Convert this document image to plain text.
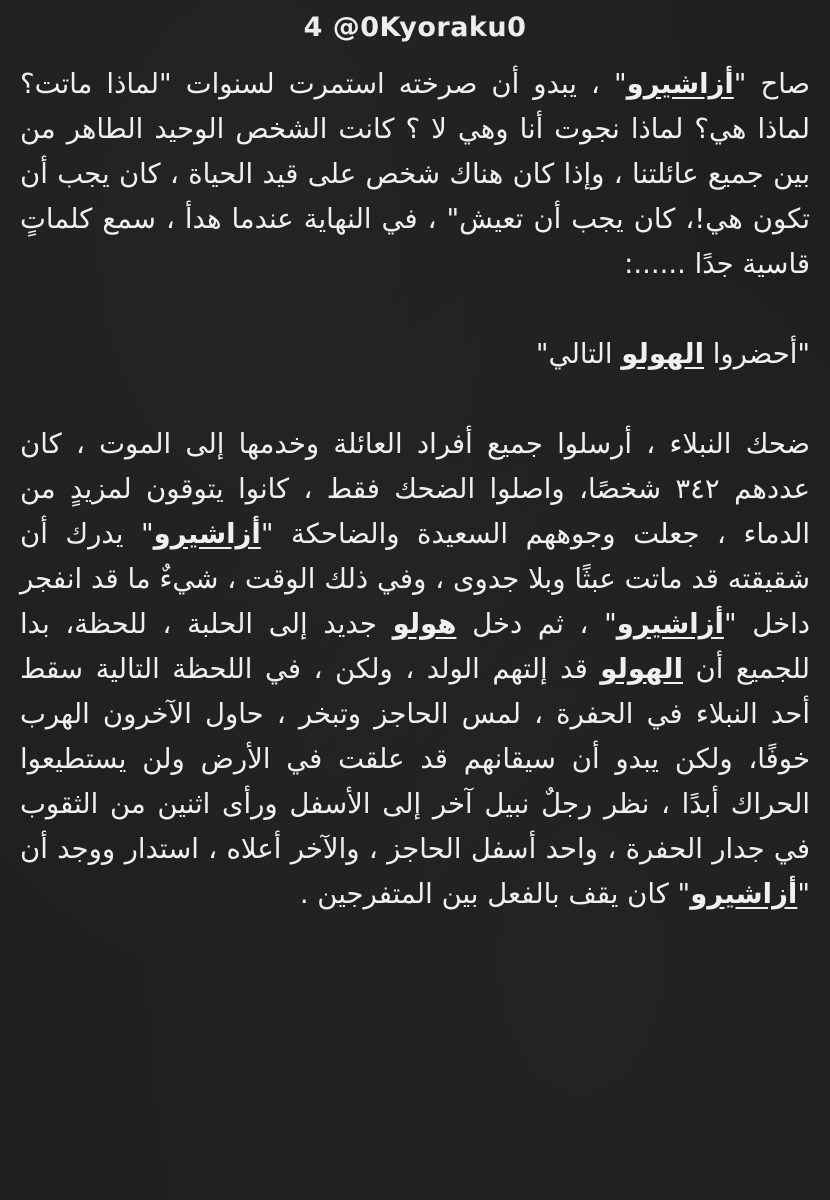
4 @0Kyoraku0

صاح "أزاشيرو" ، يبدو أن صرخته استمرت لسنوات "لماذا ماتت؟ لماذا هي؟ لماذا نجوت أنا وهي لا ؟ كانت الشخص الوحيد الطاهر من بين جميع عائلتنا ، وإذا كان هناك شخص على قيد الحياة ، كان يجب أن تكون هي!، كان يجب أن تعيش" ، في النهاية عندما هدأ ، سمع كلماتٍ قاسية جدًا ......:

"أحضروا الهولو التالي"

ضحك النبلاء ، أرسلوا جميع أفراد العائلة وخدمها إلى الموت ، كان عددهم ٣٤٢ شخصًا، واصلوا الضحك فقط ، كانوا يتوقون لمزيدٍ من الدماء ، جعلت وجوههم السعيدة والضاحكة "أزاشيرو" يدرك أن شقيقته قد ماتت عبثًا وبلا جدوى ، وفي ذلك الوقت ، شيءٌ ما قد انفجر داخل "أزاشيرو" ، ثم دخل هولو جديد إلى الحلبة ، للحظة، بدا للجميع أن الهولو قد إلتهم الولد ، ولكن ، في اللحظة التالية سقط أحد النبلاء في الحفرة ، لمس الحاجز وتبخر ، حاول الآخرون الهرب خوفًا، ولكن يبدو أن سيقانهم قد علقت في الأرض ولن يستطيعوا الحراك أبدًا ، نظر رجلٌ نبيل آخر إلى الأسفل ورأى اثنين من الثقوب في جدار الحفرة ، واحد أسفل الحاجز ، والآخر أعلاه ، استدار ووجد أن "أزاشيرو" كان يقف بالفعل بين المتفرجين .
